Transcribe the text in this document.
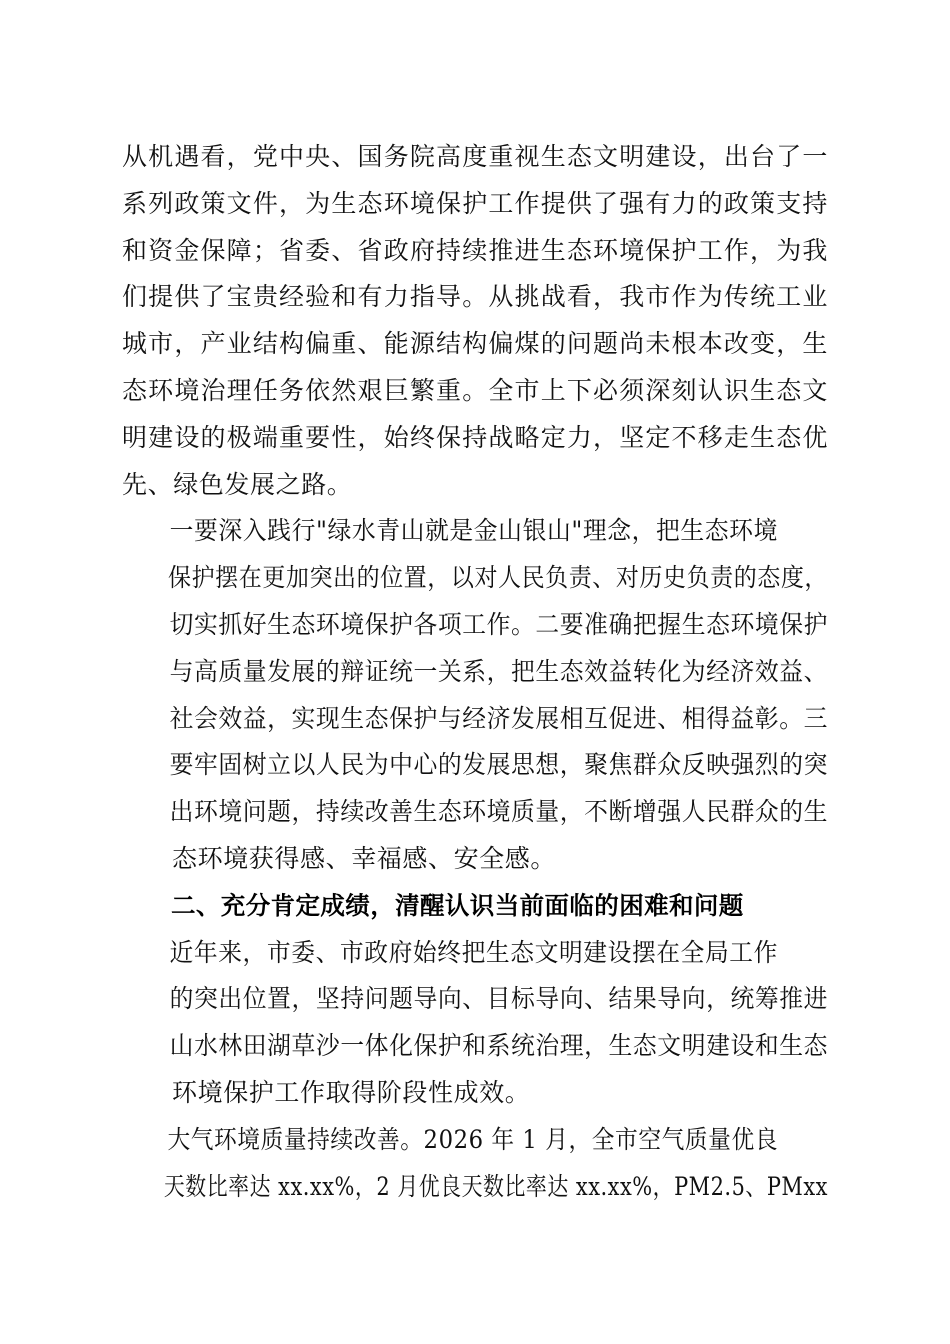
从机遇看，党中央、国务院高度重视生态文明建设，出台了一
系列政策文件，为生态环境保护工作提供了强有力的政策支持
和资金保障；省委、省政府持续推进生态环境保护工作，为我
们提供了宝贵经验和有力指导。从挑战看，我市作为传统工业
城市，产业结构偏重、能源结构偏煤的问题尚未根本改变，生
态环境治理任务依然艰巨繁重。全市上下必须深刻认识生态文
明建设的极端重要性，始终保持战略定力，坚定不移走生态优
先、绿色发展之路。

一要深入践行"绿水青山就是金山银山"理念，把生态环境
保护摆在更加突出的位置，以对人民负责、对历史负责的态度，
切实抓好生态环境保护各项工作。二要准确把握生态环境保护
与高质量发展的辩证统一关系，把生态效益转化为经济效益、
社会效益，实现生态保护与经济发展相互促进、相得益彰。三
要牢固树立以人民为中心的发展思想，聚焦群众反映强烈的突
出环境问题，持续改善生态环境质量，不断增强人民群众的生
态环境获得感、幸福感、安全感。

二、充分肯定成绩，清醒认识当前面临的困难和问题

近年来，市委、市政府始终把生态文明建设摆在全局工作
的突出位置，坚持问题导向、目标导向、结果导向，统筹推进
山水林田湖草沙一体化保护和系统治理，生态文明建设和生态
环境保护工作取得阶段性成效。

大气环境质量持续改善。2026 年 1 月，全市空气质量优良
天数比率达 xx.xx%，2 月优良天数比率达 xx.xx%，PM2.5、PMxx
